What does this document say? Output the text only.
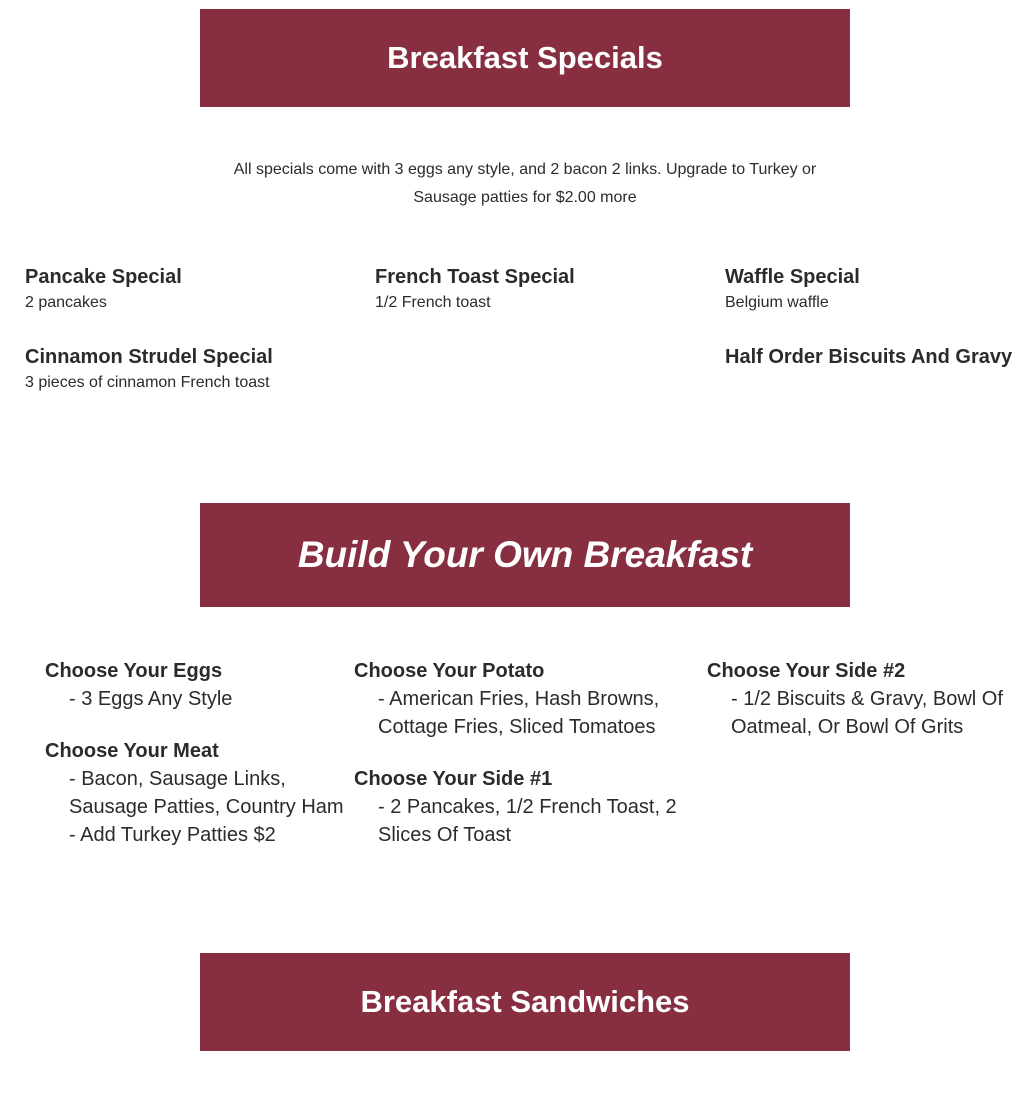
Breakfast Specials

All specials come with 3 eggs any style, and 2 bacon 2 links. Upgrade to Turkey or Sausage patties for $2.00 more

Pancake Special
2 pancakes
French Toast Special
1/2 French toast
Waffle Special
Belgium waffle
Cinnamon Strudel Special
3 pieces of cinnamon French toast
Half Order Biscuits And Gravy
Build Your Own Breakfast
Choose Your Eggs
- 3 Eggs Any Style
Choose Your Meat
- Bacon, Sausage Links,
Sausage Patties, Country Ham
- Add Turkey Patties $2
Choose Your Potato
- American Fries, Hash Browns,
Cottage Fries, Sliced Tomatoes
Choose Your Side #1
- 2 Pancakes, 1/2 French Toast, 2
Slices Of Toast
Choose Your Side #2
- 1/2 Biscuits & Gravy, Bowl Of
Oatmeal, Or Bowl Of Grits
Breakfast Sandwiches
